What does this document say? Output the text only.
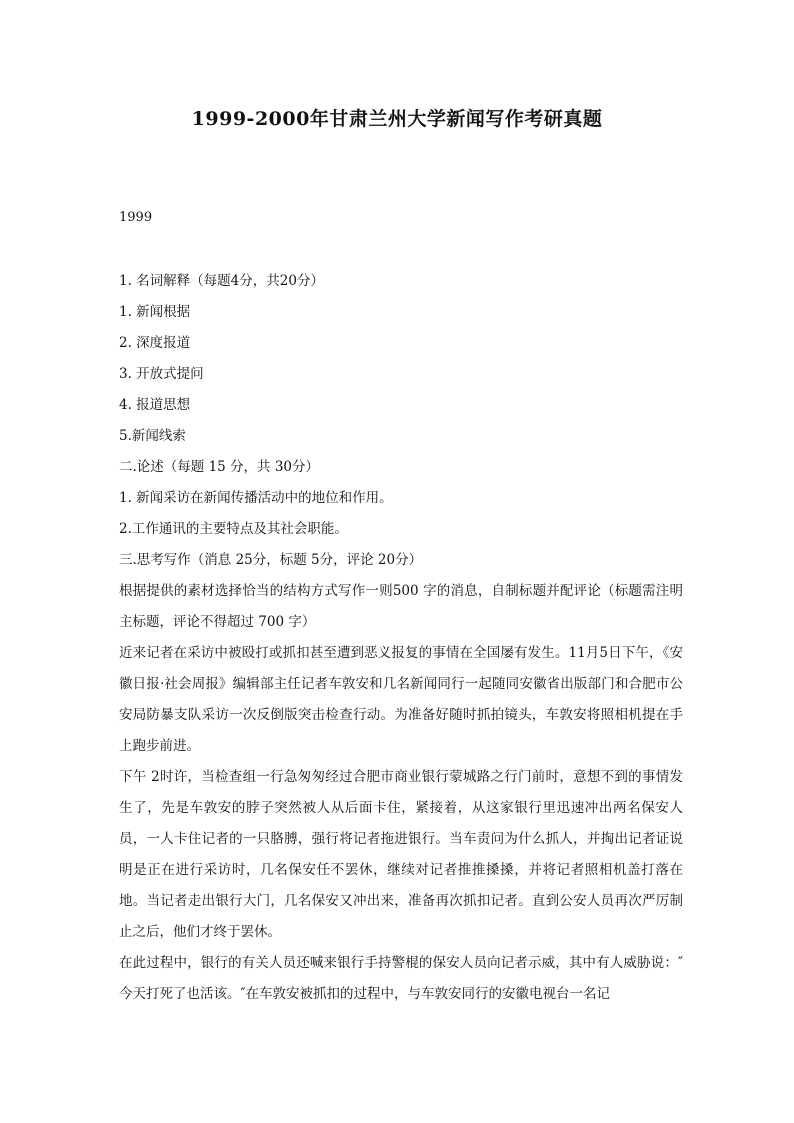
1999-2000年甘肃兰州大学新闻写作考研真题
1999
1. 名词解释（每题4分，共20分）
1. 新闻根据
2. 深度报道
3. 开放式提问
4. 报道思想
5.新闻线索
二.论述（每题 15 分，共 30分）
1. 新闻采访在新闻传播活动中的地位和作用。
2.工作通讯的主要特点及其社会职能。
三.思考写作（消息 25分，标题 5分，评论 20分）
根据提供的素材选择恰当的结构方式写作一则500 字的消息，自制标题并配评论（标题需注明主标题，评论不得超过 700 字）
近来记者在采访中被殴打或抓扣甚至遭到恶义报复的事情在全国屡有发生。11月5日下午，《安徽日报·社会周报》编辑部主任记者车敦安和几名新闻同行一起随同安徽省出版部门和合肥市公安局防暴支队采访一次反倒版突击检查行动。为准备好随时抓拍镜头，车敦安将照相机提在手上跑步前进。
下午 2时许，当检查组一行急匆匆经过合肥市商业银行蒙城路之行门前时，意想不到的事情发生了，先是车敦安的脖子突然被人从后面卡住，紧接着，从这家银行里迅速冲出两名保安人员，一人卡住记者的一只胳膊，强行将记者拖进银行。当车责问为什么抓人，并掏出记者证说明是正在进行采访时，几名保安任不罢休，继续对记者推推搡搡，并将记者照相机盖打落在地。当记者走出银行大门，几名保安又冲出来，准备再次抓扣记者。直到公安人员再次严厉制止之后，他们才终于罢休。
在此过程中，银行的有关人员还喊来银行手持警棍的保安人员向记者示威，其中有人威胁说：″今天打死了也活该。″在车敦安被抓扣的过程中，与车敦安同行的安徽电视台一名记
